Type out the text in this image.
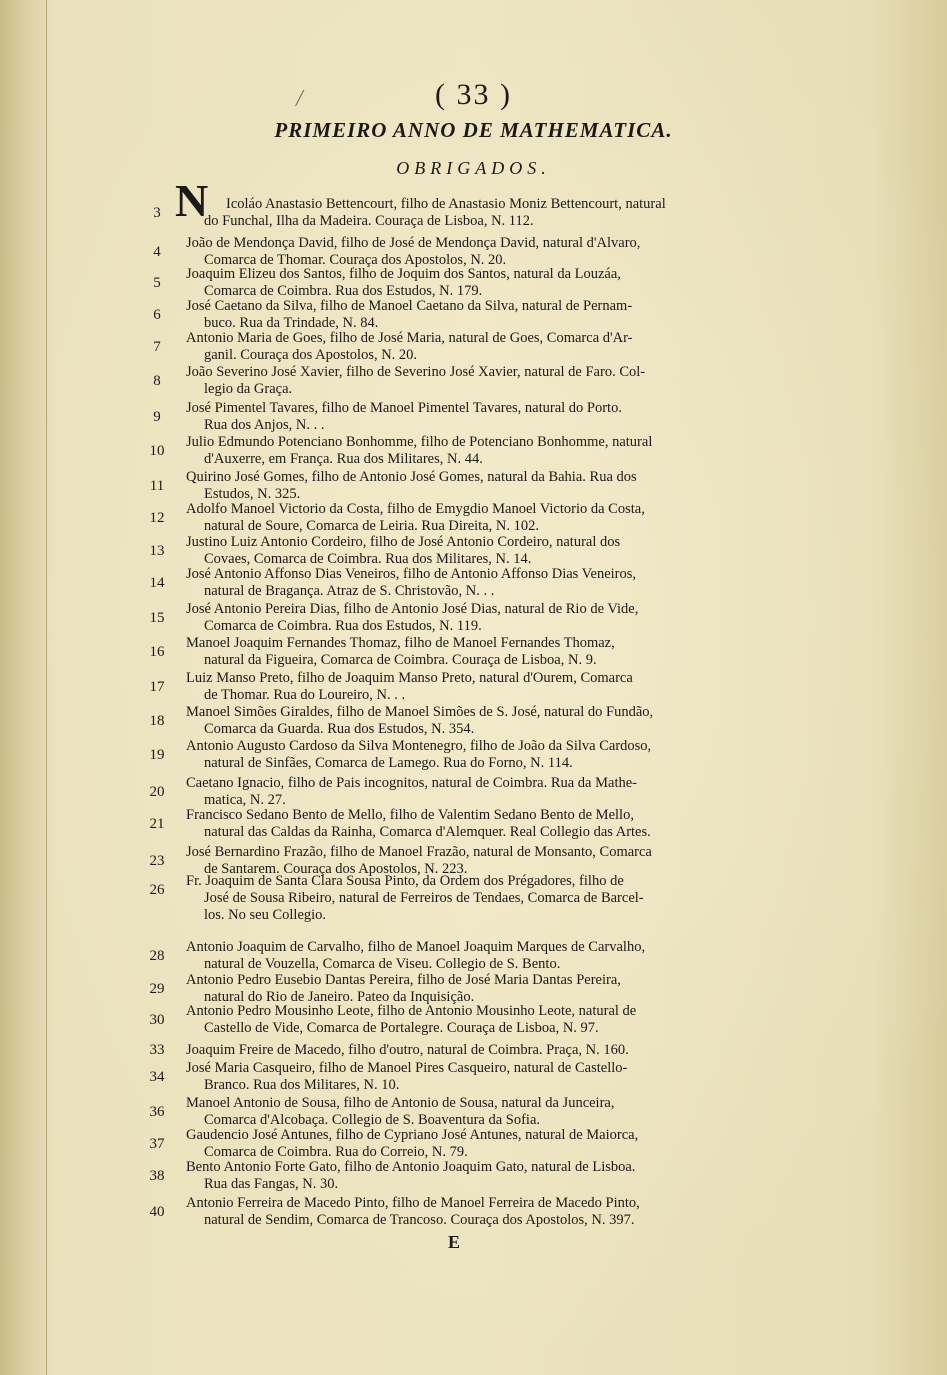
/	( 33 )
PRIMEIRO ANNO DE MATHEMATICA.
OBRIGADOS.
N
3
Icoláo Anastasio Bettencourt, filho de Anastasio Moniz Bettencourt, natural
do Funchal, Ilha da Madeira. Couraça de Lisboa, N. 112.
4
João de Mendonça David, filho de José de Mendonça David, natural d'Alvaro,
Comarca de Thomar. Couraça dos Apostolos, N. 20.
5
Joaquim Elizeu dos Santos, filho de Joquim dos Santos, natural da Louzáa,
Comarca de Coimbra. Rua dos Estudos, N. 179.
6
José Caetano da Silva, filho de Manoel Caetano da Silva, natural de Pernam-
buco. Rua da Trindade, N. 84.
7
Antonio Maria de Goes, filho de José Maria, natural de Goes, Comarca d'Ar-
ganil. Couraça dos Apostolos, N. 20.
8
João Severino José Xavier, filho de Severino José Xavier, natural de Faro. Col-
legio da Graça.
9
José Pimentel Tavares, filho de Manoel Pimentel Tavares, natural do Porto.
Rua dos Anjos, N. . .
10
Julio Edmundo Potenciano Bonhomme, filho de Potenciano Bonhomme, natural
d'Auxerre, em França. Rua dos Militares, N. 44.
11
Quirino José Gomes, filho de Antonio José Gomes, natural da Bahia. Rua dos
Estudos, N. 325.
12
Adolfo Manoel Victorio da Costa, filho de Emygdio Manoel Victorio da Costa,
natural de Soure, Comarca de Leiria. Rua Direita, N. 102.
13
Justino Luiz Antonio Cordeiro, filho de José Antonio Cordeiro, natural dos
Covaes, Comarca de Coimbra. Rua dos Militares, N. 14.
14
José Antonio Affonso Dias Veneiros, filho de Antonio Affonso Dias Veneiros,
natural de Bragança. Atraz de S. Christovão, N. . .
15
José Antonio Pereira Dias, filho de Antonio José Dias, natural de Rio de Vide,
Comarca de Coimbra. Rua dos Estudos, N. 119.
16
Manoel Joaquim Fernandes Thomaz, filho de Manoel Fernandes Thomaz,
natural da Figueira, Comarca de Coimbra. Couraça de Lisboa, N. 9.
17
Luiz Manso Preto, filho de Joaquim Manso Preto, natural d'Ourem, Comarca
de Thomar. Rua do Loureiro, N. . .
18
Manoel Simões Giraldes, filho de Manoel Simões de S. José, natural do Fundão,
Comarca da Guarda. Rua dos Estudos, N. 354.
19
Antonio Augusto Cardoso da Silva Montenegro, filho de João da Silva Cardoso,
natural de Sinfães, Comarca de Lamego. Rua do Forno, N. 114.
20
Caetano Ignacio, filho de Pais incognitos, natural de Coimbra. Rua da Mathe-
matica, N. 27.
21
Francisco Sedano Bento de Mello, filho de Valentim Sedano Bento de Mello,
natural das Caldas da Rainha, Comarca d'Alemquer. Real Collegio das Artes.
23
José Bernardino Frazão, filho de Manoel Frazão, natural de Monsanto, Comarca
de Santarem. Couraça dos Apostolos, N. 223.
26
Fr. Joaquim de Santa Clara Sousa Pinto, da Ordem dos Prégadores, filho de
José de Sousa Ribeiro, natural de Ferreiros de Tendaes, Comarca de Barcel-
los. No seu Collegio.
28
Antonio Joaquim de Carvalho, filho de Manoel Joaquim Marques de Carvalho,
natural de Vouzella, Comarca de Viseu. Collegio de S. Bento.
29
Antonio Pedro Eusebio Dantas Pereira, filho de José Maria Dantas Pereira,
natural do Rio de Janeiro. Pateo da Inquisição.
30
Antonio Pedro Mousinho Leote, filho de Antonio Mousinho Leote, natural de
Castello de Vide, Comarca de Portalegre. Couraça de Lisboa, N. 97.
33	Joaquim Freire de Macedo, filho d'outro, natural de Coimbra. Praça, N. 160.
34
José Maria Casqueiro, filho de Manoel Pires Casqueiro, natural de Castello-
Branco. Rua dos Militares, N. 10.
36
Manoel Antonio de Sousa, filho de Antonio de Sousa, natural da Junceira,
Comarca d'Alcobaça. Collegio de S. Boaventura da Sofia.
37
Gaudencio José Antunes, filho de Cypriano José Antunes, natural de Maiorca,
Comarca de Coimbra. Rua do Correio, N. 79.
38
Bento Antonio Forte Gato, filho de Antonio Joaquim Gato, natural de Lisboa.
Rua das Fangas, N. 30.
40
Antonio Ferreira de Macedo Pinto, filho de Manoel Ferreira de Macedo Pinto,
natural de Sendim, Comarca de Trancoso. Couraça dos Apostolos, N. 397.
E
